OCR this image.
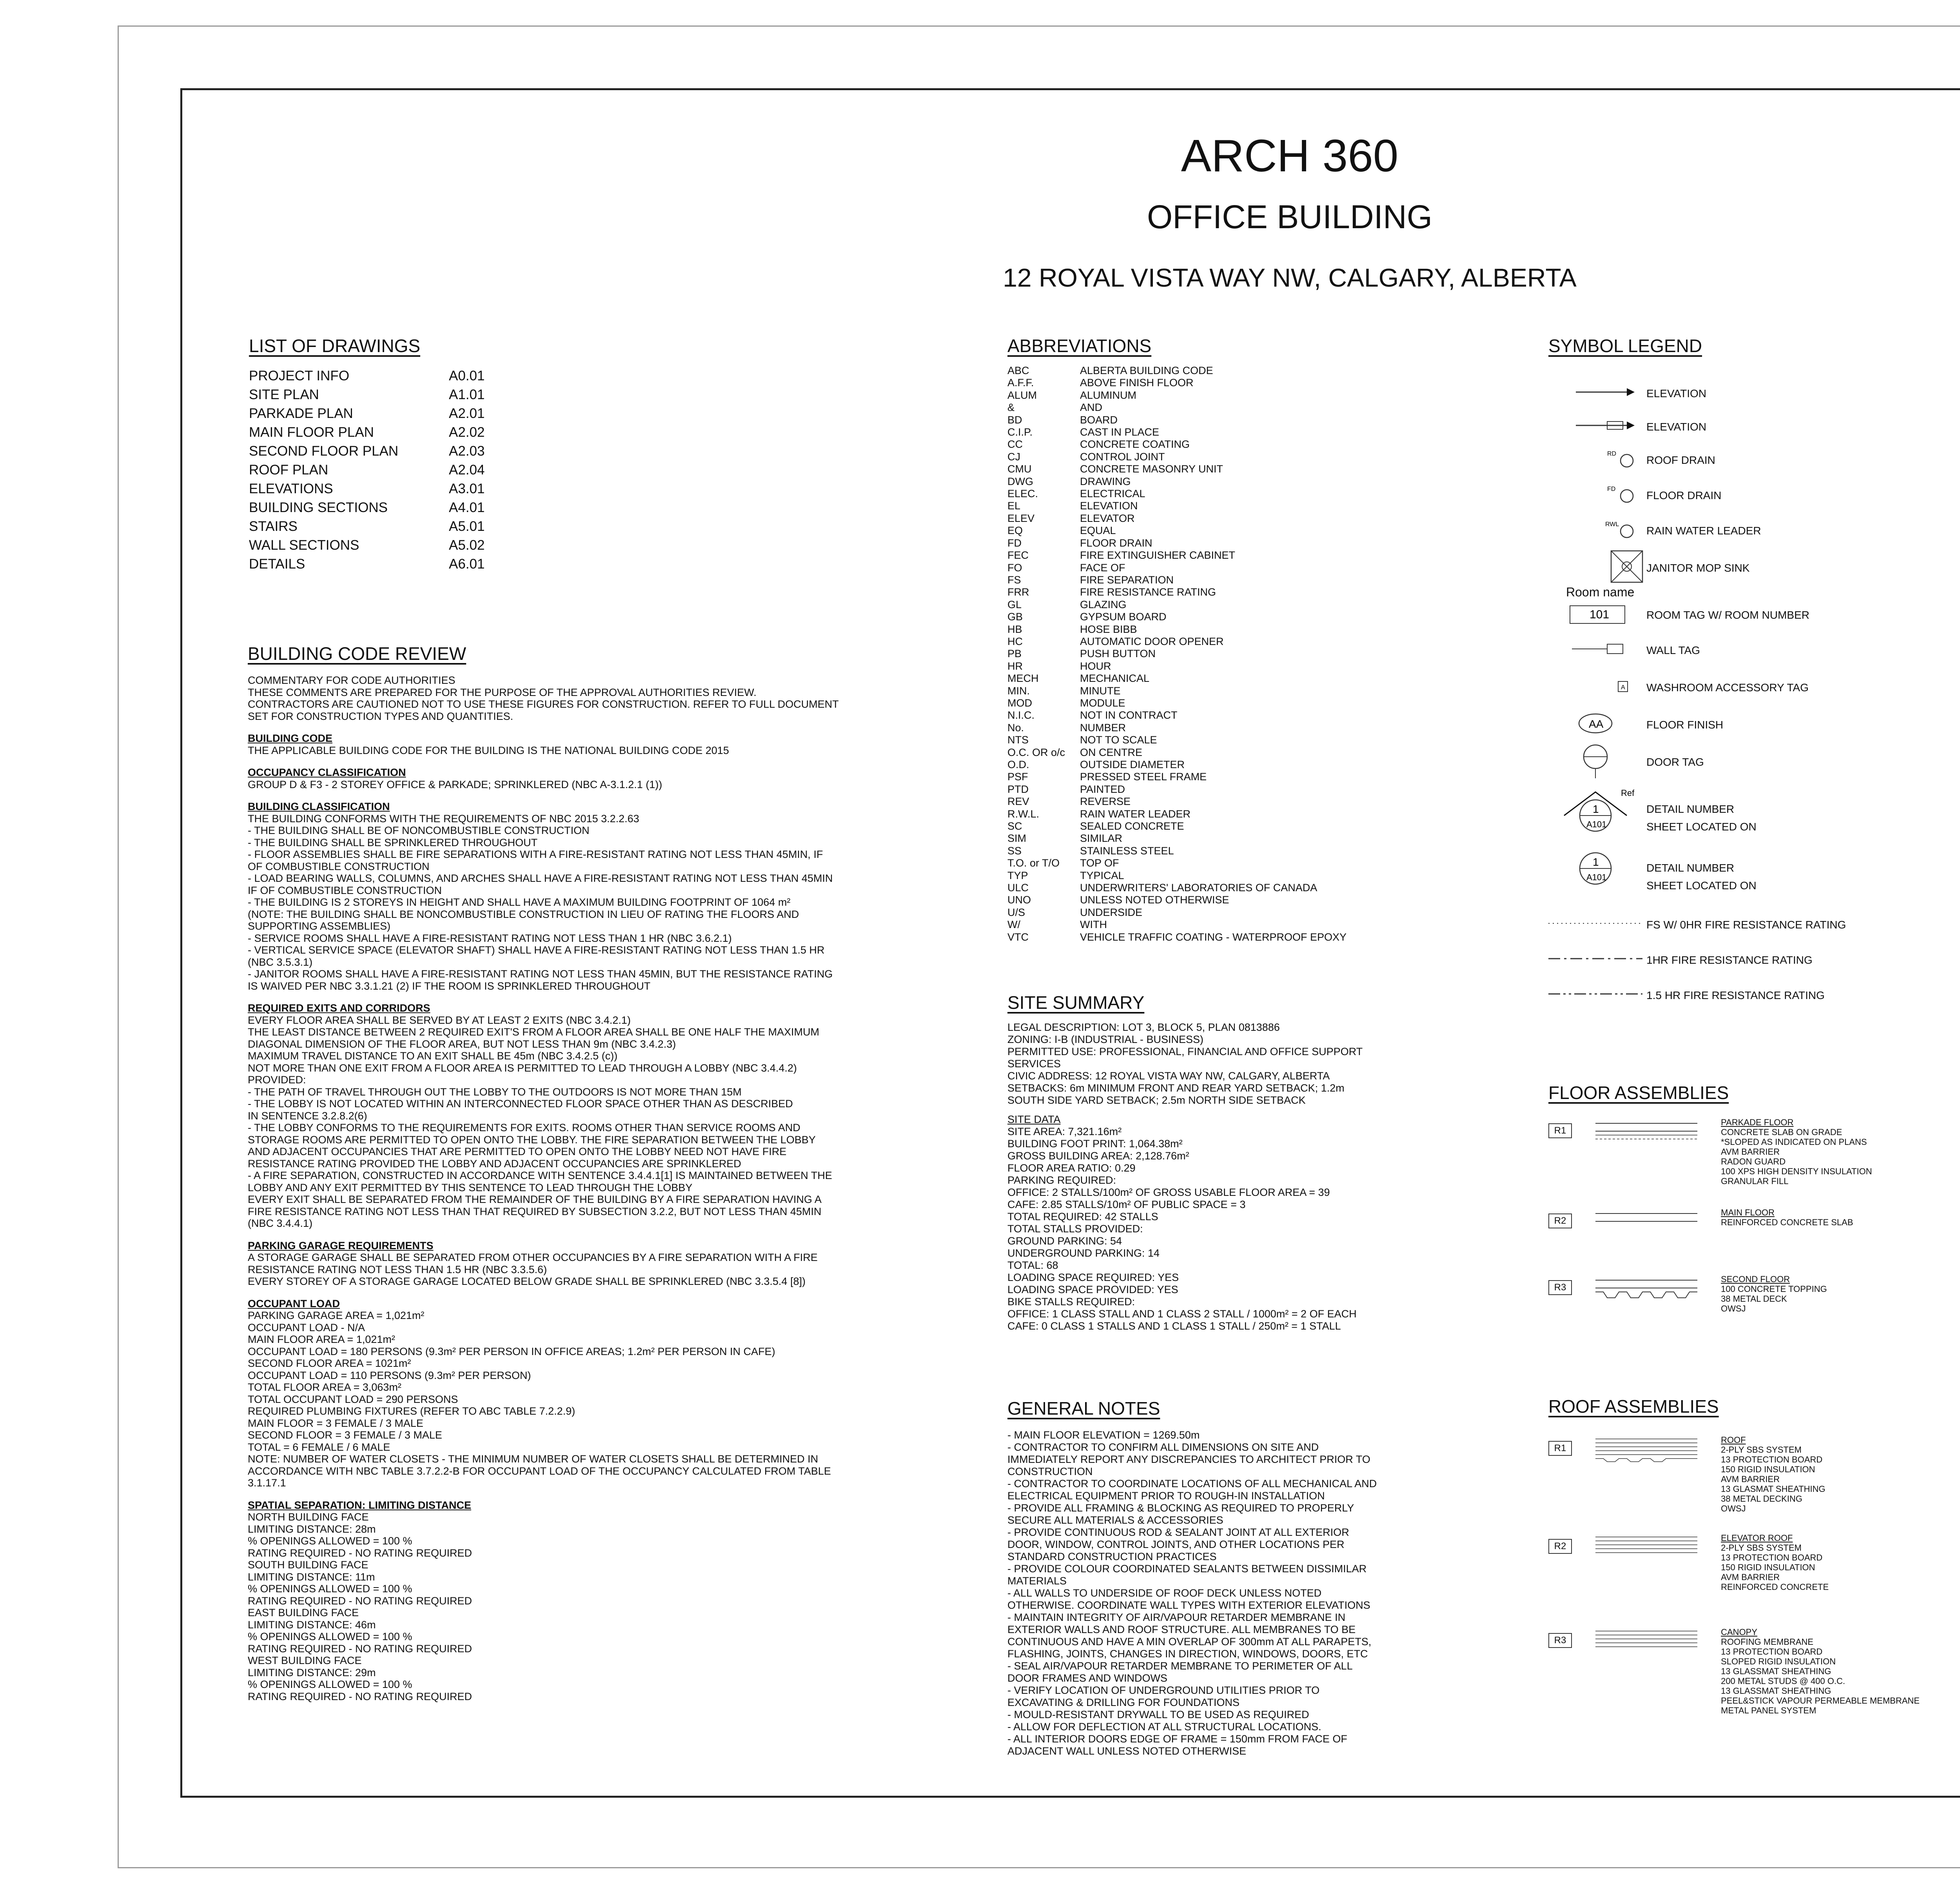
ARCH 360
OFFICE BUILDING
12 ROYAL VISTA WAY NW, CALGARY, ALBERTA
LIST OF DRAWINGS
PROJECT INFO	A0.01
SITE PLAN	A1.01
PARKADE PLAN	A2.01
MAIN FLOOR PLAN	A2.02
SECOND FLOOR PLAN	A2.03
ROOF PLAN	A2.04
ELEVATIONS	A3.01
BUILDING SECTIONS	A4.01
STAIRS	A5.01
WALL SECTIONS	A5.02
DETAILS	A6.01
BUILDING CODE REVIEW

COMMENTARY FOR CODE AUTHORITIES

THESE COMMENTS ARE PREPARED FOR THE PURPOSE OF THE APPROVAL AUTHORITIES REVIEW.

CONTRACTORS ARE CAUTIONED NOT TO USE THESE FIGURES FOR CONSTRUCTION. REFER TO FULL DOCUMENT

SET FOR CONSTRUCTION TYPES AND QUANTITIES.

BUILDING CODE

THE APPLICABLE BUILDING CODE FOR THE BUILDING IS THE NATIONAL BUILDING CODE 2015

OCCUPANCY CLASSIFICATION

GROUP D & F3 - 2 STOREY OFFICE & PARKADE; SPRINKLERED (NBC A-3.1.2.1 (1))

BUILDING CLASSIFICATION

THE BUILDING CONFORMS WITH THE REQUIREMENTS OF NBC 2015 3.2.2.63

- THE BUILDING SHALL BE OF NONCOMBUSTIBLE CONSTRUCTION

- THE BUILDING SHALL BE SPRINKLERED THROUGHOUT

- FLOOR ASSEMBLIES SHALL BE FIRE SEPARATIONS WITH A FIRE-RESISTANT RATING NOT LESS THAN 45MIN, IF

OF COMBUSTIBLE CONSTRUCTION

- LOAD BEARING WALLS, COLUMNS, AND ARCHES SHALL HAVE A FIRE-RESISTANT RATING NOT LESS THAN 45MIN

IF OF COMBUSTIBLE CONSTRUCTION

- THE BUILDING IS 2 STOREYS IN HEIGHT AND SHALL HAVE A MAXIMUM BUILDING FOOTPRINT OF 1064 m²

(NOTE: THE BUILDING SHALL BE NONCOMBUSTIBLE CONSTRUCTION IN LIEU OF RATING THE FLOORS AND

SUPPORTING ASSEMBLIES)

- SERVICE ROOMS SHALL HAVE A FIRE-RESISTANT RATING NOT LESS THAN 1 HR (NBC 3.6.2.1)

- VERTICAL SERVICE SPACE (ELEVATOR SHAFT) SHALL HAVE A FIRE-RESISTANT RATING NOT LESS THAN 1.5 HR

(NBC 3.5.3.1)

- JANITOR ROOMS SHALL HAVE A FIRE-RESISTANT RATING NOT LESS THAN 45MIN, BUT THE RESISTANCE RATING

IS WAIVED PER NBC 3.3.1.21 (2) IF THE ROOM IS SPRINKLERED THROUGHOUT

REQUIRED EXITS AND CORRIDORS

EVERY FLOOR AREA SHALL BE SERVED BY AT LEAST 2 EXITS (NBC 3.4.2.1)

THE LEAST DISTANCE BETWEEN 2 REQUIRED EXIT'S FROM A FLOOR AREA SHALL BE ONE HALF THE MAXIMUM

DIAGONAL DIMENSION OF THE FLOOR AREA, BUT NOT LESS THAN 9m (NBC 3.4.2.3)

MAXIMUM TRAVEL DISTANCE TO AN EXIT SHALL BE 45m (NBC 3.4.2.5 (c))

NOT MORE THAN ONE EXIT FROM A FLOOR AREA IS PERMITTED TO LEAD THROUGH A LOBBY (NBC 3.4.4.2)

PROVIDED:

- THE PATH OF TRAVEL THROUGH OUT THE LOBBY TO THE OUTDOORS IS NOT MORE THAN 15M

- THE LOBBY IS NOT LOCATED WITHIN AN INTERCONNECTED FLOOR SPACE OTHER THAN AS DESCRIBED

IN SENTENCE 3.2.8.2(6)

- THE LOBBY CONFORMS TO THE REQUIREMENTS FOR EXITS. ROOMS OTHER THAN SERVICE ROOMS AND

STORAGE ROOMS ARE PERMITTED TO OPEN ONTO THE LOBBY. THE FIRE SEPARATION BETWEEN THE LOBBY

AND ADJACENT OCCUPANCIES THAT ARE PERMITTED TO OPEN ONTO THE LOBBY NEED NOT HAVE FIRE

RESISTANCE RATING PROVIDED THE LOBBY AND ADJACENT OCCUPANCIES ARE SPRINKLERED

- A FIRE SEPARATION, CONSTRUCTED IN ACCORDANCE WITH SENTENCE 3.4.4.1[1] IS MAINTAINED BETWEEN THE

LOBBY AND ANY EXIT PERMITTED BY THIS SENTENCE TO LEAD THROUGH THE LOBBY

EVERY EXIT SHALL BE SEPARATED FROM THE REMAINDER OF THE BUILDING BY A FIRE SEPARATION HAVING A

FIRE RESISTANCE RATING NOT LESS THAN THAT REQUIRED BY SUBSECTION 3.2.2, BUT NOT LESS THAN 45MIN

(NBC 3.4.4.1)

PARKING GARAGE REQUIREMENTS

A STORAGE GARAGE SHALL BE SEPARATED FROM OTHER OCCUPANCIES BY A FIRE SEPARATION WITH A FIRE

RESISTANCE RATING NOT LESS THAN 1.5 HR (NBC 3.3.5.6)

EVERY STOREY OF A STORAGE GARAGE LOCATED BELOW GRADE SHALL BE SPRINKLERED (NBC 3.3.5.4 [8])

OCCUPANT LOAD

PARKING GARAGE AREA = 1,021m²

OCCUPANT LOAD - N/A

MAIN FLOOR AREA = 1,021m²

OCCUPANT LOAD = 180 PERSONS (9.3m² PER PERSON IN OFFICE AREAS; 1.2m² PER PERSON IN CAFE)

SECOND FLOOR AREA = 1021m²

OCCUPANT LOAD = 110 PERSONS (9.3m² PER PERSON)

TOTAL FLOOR AREA = 3,063m²

TOTAL OCCUPANT LOAD = 290 PERSONS

REQUIRED PLUMBING FIXTURES (REFER TO ABC TABLE 7.2.2.9)

MAIN FLOOR = 3 FEMALE / 3 MALE

SECOND FLOOR = 3 FEMALE / 3 MALE

TOTAL = 6 FEMALE / 6 MALE

NOTE: NUMBER OF WATER CLOSETS - THE MINIMUM NUMBER OF WATER CLOSETS SHALL BE DETERMINED IN

ACCORDANCE WITH NBC TABLE 3.7.2.2-B FOR OCCUPANT LOAD OF THE OCCUPANCY CALCULATED FROM TABLE

3.1.17.1

SPATIAL SEPARATION: LIMITING DISTANCE

NORTH BUILDING FACE

LIMITING DISTANCE: 28m

% OPENINGS ALLOWED = 100 %

RATING REQUIRED - NO RATING REQUIRED

SOUTH BUILDING FACE

LIMITING DISTANCE: 11m

% OPENINGS ALLOWED = 100 %

RATING REQUIRED - NO RATING REQUIRED

EAST BUILDING FACE

LIMITING DISTANCE: 46m

% OPENINGS ALLOWED = 100 %

RATING REQUIRED - NO RATING REQUIRED

WEST BUILDING FACE

LIMITING DISTANCE: 29m

% OPENINGS ALLOWED = 100 %

RATING REQUIRED - NO RATING REQUIRED

ABBREVIATIONS
ABC	ALBERTA BUILDING CODE
A.F.F.	ABOVE FINISH FLOOR
ALUM	ALUMINUM
&	AND
BD	BOARD
C.I.P.	CAST IN PLACE
CC	CONCRETE COATING
CJ	CONTROL JOINT
CMU	CONCRETE MASONRY UNIT
DWG	DRAWING
ELEC.	ELECTRICAL
EL	ELEVATION
ELEV	ELEVATOR
EQ	EQUAL
FD	FLOOR DRAIN
FEC	FIRE EXTINGUISHER CABINET
FO	FACE OF
FS	FIRE SEPARATION
FRR	FIRE RESISTANCE RATING
GL	GLAZING
GB	GYPSUM BOARD
HB	HOSE BIBB
HC	AUTOMATIC DOOR OPENER
PB	PUSH BUTTON
HR	HOUR
MECH	MECHANICAL
MIN.	MINUTE
MOD	MODULE
N.I.C.	NOT IN CONTRACT
No.	NUMBER
NTS	NOT TO SCALE
O.C. OR o/c	ON CENTRE
O.D.	OUTSIDE DIAMETER
PSF	PRESSED STEEL FRAME
PTD	PAINTED
REV	REVERSE
R.W.L.	RAIN WATER LEADER
SC	SEALED CONCRETE
SIM	SIMILAR
SS	STAINLESS STEEL
T.O. or T/O	TOP OF
TYP	TYPICAL
ULC	UNDERWRITERS' LABORATORIES OF CANADA
UNO	UNLESS NOTED OTHERWISE
U/S	UNDERSIDE
W/	WITH
VTC	VEHICLE TRAFFIC COATING - WATERPROOF EPOXY
SITE SUMMARY

LEGAL DESCRIPTION: LOT 3, BLOCK 5, PLAN 0813886

ZONING: I-B (INDUSTRIAL - BUSINESS)

PERMITTED USE: PROFESSIONAL, FINANCIAL AND OFFICE SUPPORT

SERVICES

CIVIC ADDRESS: 12 ROYAL VISTA WAY NW, CALGARY, ALBERTA

SETBACKS: 6m MINIMUM FRONT AND REAR YARD SETBACK; 1.2m

SOUTH SIDE YARD SETBACK; 2.5m NORTH SIDE SETBACK

SITE DATA

SITE AREA: 7,321.16m²

BUILDING FOOT PRINT: 1,064.38m²

GROSS BUILDING AREA: 2,128.76m²

FLOOR AREA RATIO: 0.29

PARKING REQUIRED:

OFFICE: 2 STALLS/100m² OF GROSS USABLE FLOOR AREA = 39

CAFE: 2.85 STALLS/10m² OF PUBLIC SPACE = 3

TOTAL REQUIRED: 42 STALLS

TOTAL STALLS PROVIDED:

GROUND PARKING: 54

UNDERGROUND PARKING: 14

TOTAL: 68

LOADING SPACE REQUIRED: YES

LOADING SPACE PROVIDED: YES

BIKE STALLS REQUIRED:

OFFICE: 1 CLASS STALL AND 1 CLASS 2 STALL / 1000m² = 2 OF EACH

CAFE: 0 CLASS 1 STALLS AND 1 CLASS 1 STALL / 250m² = 1 STALL

GENERAL NOTES

- MAIN FLOOR ELEVATION = 1269.50m

- CONTRACTOR TO CONFIRM ALL DIMENSIONS ON SITE AND

IMMEDIATELY REPORT ANY DISCREPANCIES TO ARCHITECT PRIOR TO

CONSTRUCTION

- CONTRACTOR TO COORDINATE LOCATIONS OF ALL MECHANICAL AND

ELECTRICAL EQUIPMENT PRIOR TO ROUGH-IN INSTALLATION

- PROVIDE ALL FRAMING & BLOCKING AS REQUIRED TO PROPERLY

SECURE ALL MATERIALS & ACCESSORIES

- PROVIDE CONTINUOUS ROD & SEALANT JOINT AT ALL EXTERIOR

DOOR, WINDOW, CONTROL JOINTS, AND OTHER LOCATIONS PER

STANDARD CONSTRUCTION PRACTICES

- PROVIDE COLOUR COORDINATED SEALANTS BETWEEN DISSIMILAR

MATERIALS

- ALL WALLS TO UNDERSIDE OF ROOF DECK UNLESS NOTED

OTHERWISE. COORDINATE WALL TYPES WITH EXTERIOR ELEVATIONS

- MAINTAIN INTEGRITY OF AIR/VAPOUR RETARDER MEMBRANE IN

EXTERIOR WALLS AND ROOF STRUCTURE. ALL MEMBRANES TO BE

CONTINUOUS AND HAVE A MIN OVERLAP OF 300mm AT ALL PARAPETS,

FLASHING, JOINTS, CHANGES IN DIRECTION, WINDOWS, DOORS, ETC

- SEAL AIR/VAPOUR RETARDER MEMBRANE TO PERIMETER OF ALL

DOOR FRAMES AND WINDOWS

- VERIFY LOCATION OF UNDERGROUND UTILITIES PRIOR TO

EXCAVATING & DRILLING FOR FOUNDATIONS

- MOULD-RESISTANT DRYWALL TO BE USED AS REQUIRED

- ALLOW FOR DEFLECTION AT ALL STRUCTURAL LOCATIONS.

- ALL INTERIOR DOORS EDGE OF FRAME = 150mm FROM FACE OF

ADJACENT WALL UNLESS NOTED OTHERWISE

SYMBOL LEGEND
Room name
ELEVATION
ELEVATION
ROOF DRAIN
FLOOR DRAIN
RAIN WATER LEADER
JANITOR MOP SINK
ROOM TAG W/ ROOM NUMBER
WALL TAG
WASHROOM ACCESSORY TAG
FLOOR FINISH
DOOR TAG
DETAIL NUMBER
SHEET LOCATED ON
DETAIL NUMBER
SHEET LOCATED ON
FS W/ 0HR FIRE RESISTANCE RATING
1HR FIRE RESISTANCE RATING
1.5 HR FIRE RESISTANCE RATING
RD
FD
RWL
101
A
AA
1
A101
Ref
1
A101
FLOOR ASSEMBLIES
R1
PARKADE FLOOR
CONCRETE SLAB ON GRADE
*SLOPED AS INDICATED ON PLANS
AVM BARRIER
RADON GUARD
100 XPS HIGH DENSITY INSULATION
GRANULAR FILL
R2
MAIN FLOOR
REINFORCED CONCRETE SLAB
R3
SECOND FLOOR
100 CONCRETE TOPPING
38 METAL DECK
OWSJ
ROOF ASSEMBLIES
R1
ROOF
2-PLY SBS SYSTEM
13 PROTECTION BOARD
150 RIGID INSULATION
AVM BARRIER
13 GLASMAT SHEATHING
38 METAL DECKING
OWSJ
R2
ELEVATOR ROOF
2-PLY SBS SYSTEM
13 PROTECTION BOARD
150 RIGID INSULATION
AVM BARRIER
REINFORCED CONCRETE
R3
CANOPY
ROOFING MEMBRANE
13 PROTECTION BOARD
SLOPED RIGID INSULATION
13 GLASSMAT SHEATHING
200 METAL STUDS @ 400 O.C.
13 GLASSMAT SHEATHING
PEEL&STICK VAPOUR PERMEABLE MEMBRANE
METAL PANEL SYSTEM
